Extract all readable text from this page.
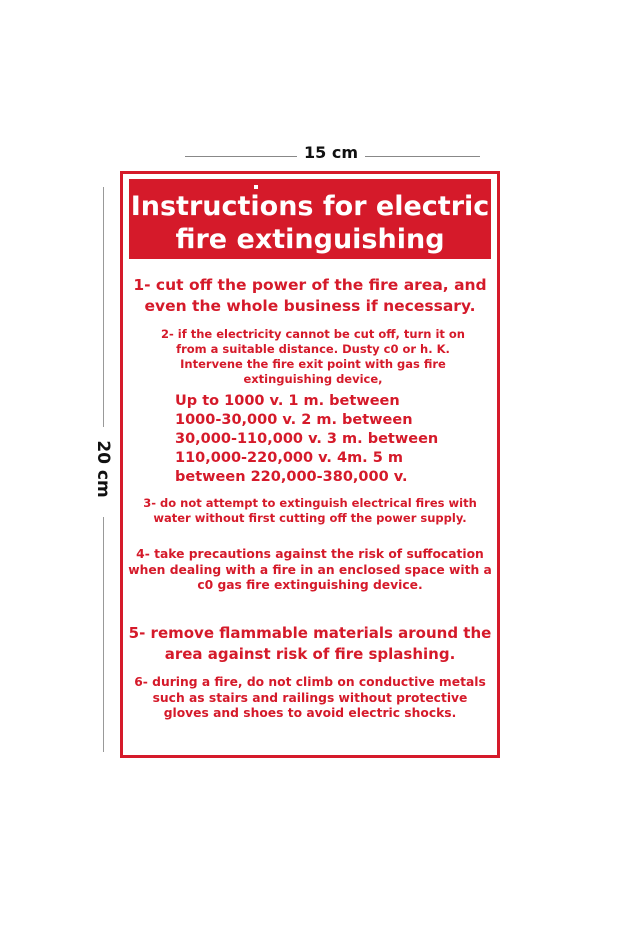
15 cm
20 cm
Instructions for electric
fire extinguishing

1- cut off the power of the fire area, and even the whole business if necessary.

2- if the electricity cannot be cut off, turn it on from a suitable distance. Dusty c0 or h. K. Intervene the fire exit point with gas fire extinguishing device,

Up to 1000 v. 1 m. between
1000-30,000 v. 2 m. between
30,000-110,000 v. 3 m. between
110,000-220,000 v. 4m. 5 m
between 220,000-380,000 v.

3- do not attempt to extinguish electrical fires with water without first cutting off the power supply.

4- take precautions against the risk of suffocation when dealing with a fire in an enclosed space with a c0 gas fire extinguishing device.

5- remove flammable materials around the area against risk of fire splashing.

6- during a fire, do not climb on conductive metals such as stairs and railings without protective gloves and shoes to avoid electric shocks.
